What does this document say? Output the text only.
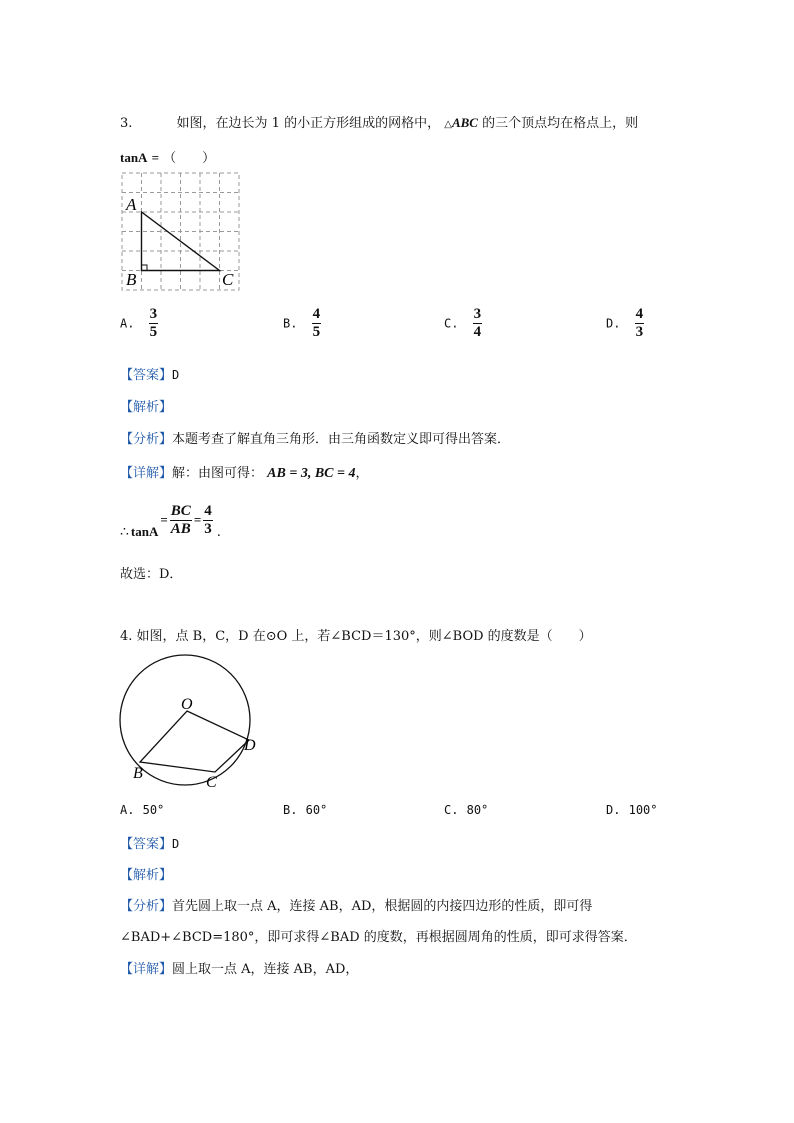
3.	如图，在边长为 1 的小正方形组成的网格中， △ABC 的三个顶点均在格点上，则
tanA = （　　）
A
B	C
A. $\frac{3}{5}$	B. $\frac{4}{5}$	C. $\frac{3}{4}$	D. $\frac{4}{3}$
【答案】D
【解析】
【分析】本题考查了解直角三角形．由三角函数定义即可得出答案．
【详解】解：由图可得： AB = 3, BC = 4，
∴ tanA
= $\frac{BC}{AB} = \frac{4}{3}$ .
故选：D．
4. 如图，点 B，C，D 在⊙O 上，若∠BCD＝130°，则∠BOD 的度数是（　　）
O
B
C
D
A. 50°	B. 60°	C. 80°	D. 100°
【答案】D
【解析】
【分析】首先圆上取一点 A，连接 AB，AD，根据圆的内接四边形的性质，即可得
∠BAD+∠BCD=180°，即可求得∠BAD 的度数，再根据圆周角的性质，即可求得答案．
【详解】圆上取一点 A，连接 AB，AD，
